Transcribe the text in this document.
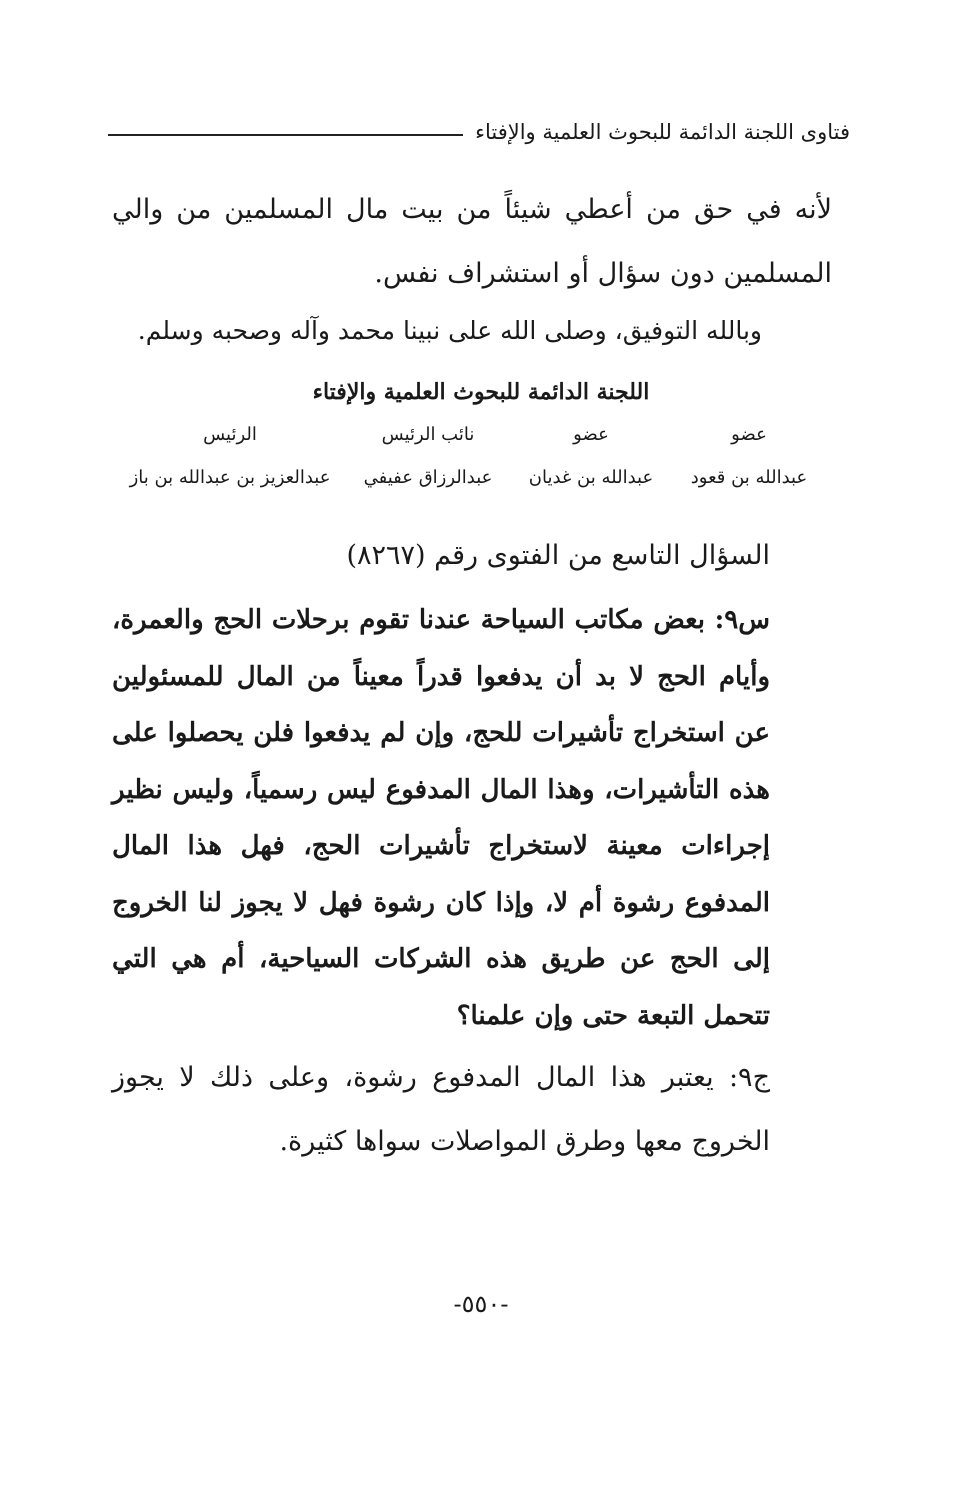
فتاوى اللجنة الدائمة للبحوث العلمية والإفتاء
لأنه في حق من أعطي شيئاً من بيت مال المسلمين من والي المسلمين دون سؤال أو استشراف نفس.
وبالله التوفيق، وصلى الله على نبينا محمد وآله وصحبه وسلم.
اللجنة الدائمة للبحوث العلمية والإفتاء
عضو
عضو
نائب الرئيس
الرئيس
عبدالله بن قعود
عبدالله بن غديان
عبدالرزاق عفيفي
عبدالعزيز بن عبدالله بن باز
السؤال التاسع من الفتوى رقم (٨٢٦٧)
س٩: بعض مكاتب السياحة عندنا تقوم برحلات الحج والعمرة، وأيام الحج لا بد أن يدفعوا قدراً معيناً من المال للمسئولين عن استخراج تأشيرات للحج، وإن لم يدفعوا فلن يحصلوا على هذه التأشيرات، وهذا المال المدفوع ليس رسمياً، وليس نظير إجراءات معينة لاستخراج تأشيرات الحج، فهل هذا المال المدفوع رشوة أم لا، وإذا كان رشوة فهل لا يجوز لنا الخروج إلى الحج عن طريق هذه الشركات السياحية، أم هي التي تتحمل التبعة حتى وإن علمنا؟
ج٩: يعتبر هذا المال المدفوع رشوة، وعلى ذلك لا يجوز الخروج معها وطرق المواصلات سواها كثيرة.
-٥٥٠-
